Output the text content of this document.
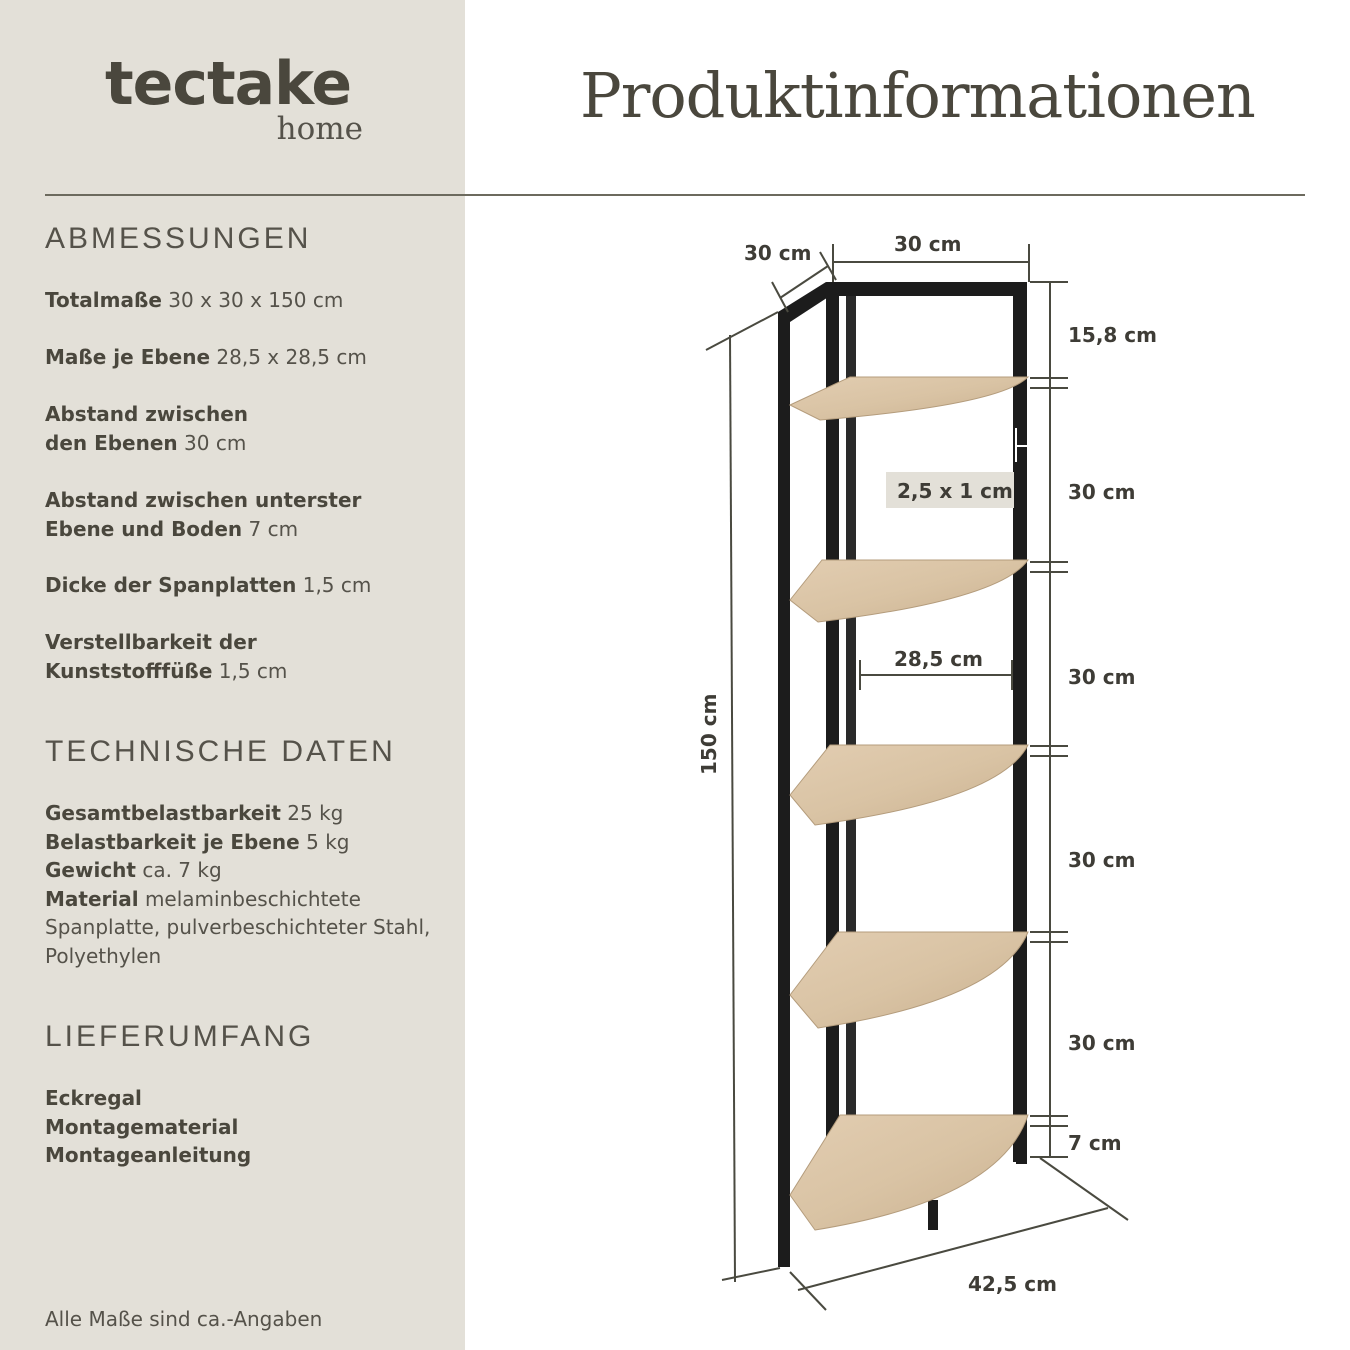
tectake
home	Produktinformationen
ABMESSUNGEN
Totalmaße 30 x 30 x 150 cm
Maße je Ebene 28,5 x 28,5 cm
Abstand zwischen
den Ebenen 30 cm
Abstand zwischen unterster
Ebene und Boden 7 cm
Dicke der Spanplatten 1,5 cm
Verstellbarkeit der
Kunststofffüße 1,5 cm
TECHNISCHE DATEN
Gesamtbelastbarkeit 25 kg
Belastbarkeit je Ebene 5 kg
Gewicht ca. 7 kg
Material melaminbeschichtete Spanplatte, pulverbeschichteter Stahl, Polyethylen
LIEFERUMFANG
Eckregal
Montagematerial
Montageanleitung
Alle Maße sind ca.-Angaben
30 cm
30 cm
15,8 cm
30 cm
30 cm
30 cm
30 cm
7 cm
2,5 x 1 cm
28,5 cm
42,5 cm
150 cm
